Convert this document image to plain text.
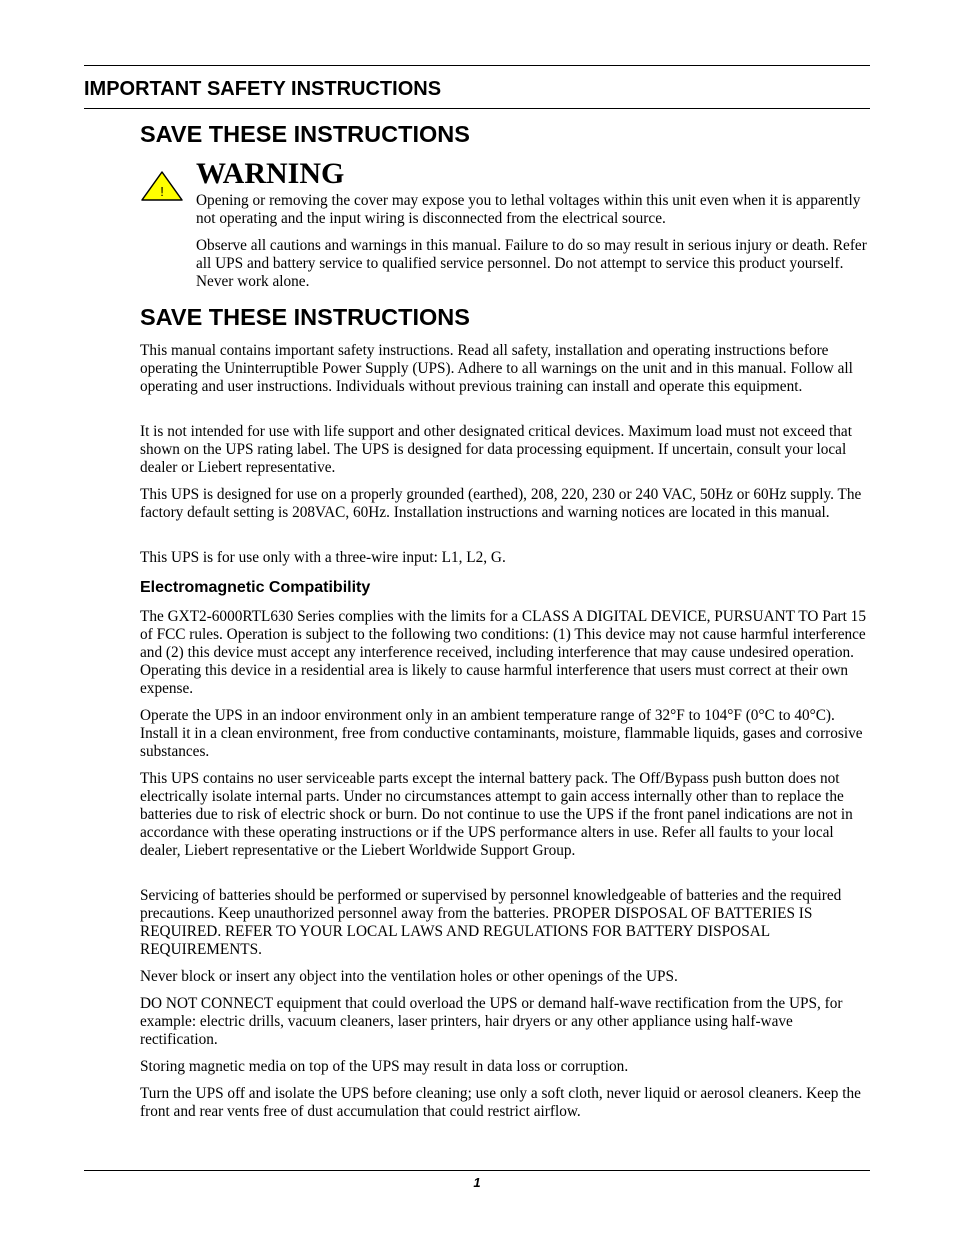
IMPORTANT SAFETY INSTRUCTIONS
SAVE THESE INSTRUCTIONS
!
WARNING

Opening or removing the cover may expose you to lethal voltages within this unit even when it is apparently not operating and the input wiring is disconnected from the electrical source.

Observe all cautions and warnings in this manual. Failure to do so may result in serious injury or death. Refer all UPS and battery service to qualified service personnel. Do not attempt to service this product yourself. Never work alone.

SAVE THESE INSTRUCTIONS

This manual contains important safety instructions. Read all safety, installation and operating instructions before operating the Uninterruptible Power Supply (UPS). Adhere to all warnings on the unit and in this manual. Follow all operating and user instructions. Individuals without previous training can install and operate this equipment.

It is not intended for use with life support and other designated critical devices. Maximum load must not exceed that shown on the UPS rating label. The UPS is designed for data processing equipment. If uncertain, consult your local dealer or Liebert representative.

This UPS is designed for use on a properly grounded (earthed), 208, 220, 230 or 240 VAC, 50Hz or 60Hz supply. The factory default setting is 208VAC, 60Hz. Installation instructions and warning notices are located in this manual.

This UPS is for use only with a three-wire input: L1, L2, G.

Electromagnetic Compatibility

The GXT2-6000RTL630 Series complies with the limits for a CLASS A DIGITAL DEVICE, PURSUANT TO Part 15 of FCC rules. Operation is subject to the following two conditions: (1) This device may not cause harmful interference and (2) this device must accept any interference received, including interference that may cause undesired operation. Operating this device in a residential area is likely to cause harmful interference that users must correct at their own expense.

Operate the UPS in an indoor environment only in an ambient temperature range of 32°F to 104°F (0°C to 40°C). Install it in a clean environment, free from conductive contaminants, moisture, flammable liquids, gases and corrosive substances.

This UPS contains no user serviceable parts except the internal battery pack. The Off/Bypass push button does not electrically isolate internal parts. Under no circumstances attempt to gain access internally other than to replace the batteries due to risk of electric shock or burn. Do not continue to use the UPS if the front panel indications are not in accordance with these operating instructions or if the UPS performance alters in use. Refer all faults to your local dealer, Liebert representative or the Liebert Worldwide Support Group.

Servicing of batteries should be performed or supervised by personnel knowledgeable of batteries and the required precautions. Keep unauthorized personnel away from the batteries. PROPER DISPOSAL OF BATTERIES IS REQUIRED. REFER TO YOUR LOCAL LAWS AND REGULATIONS FOR BATTERY DISPOSAL REQUIREMENTS.

Never block or insert any object into the ventilation holes or other openings of the UPS.

DO NOT CONNECT equipment that could overload the UPS or demand half-wave rectification from the UPS, for example: electric drills, vacuum cleaners, laser printers, hair dryers or any other appliance using half-wave rectification.

Storing magnetic media on top of the UPS may result in data loss or corruption.

Turn the UPS off and isolate the UPS before cleaning; use only a soft cloth, never liquid or aerosol cleaners. Keep the front and rear vents free of dust accumulation that could restrict airflow.

1
